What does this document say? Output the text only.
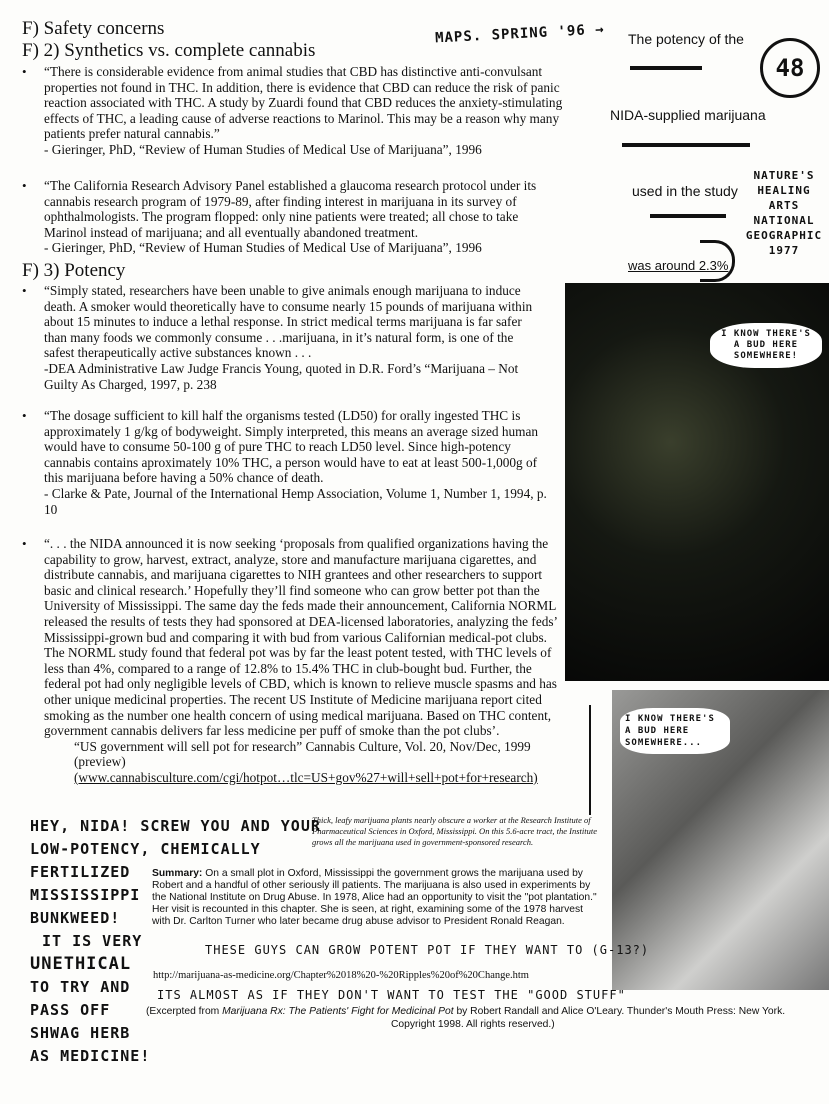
F) Safety concerns
F) 2) Synthetics vs. complete cannabis
MAPS. SPRING '96 →
• “There is considerable evidence from animal studies that CBD has distinctive anti-convulsant properties not found in THC. In addition, there is evidence that CBD can reduce the risk of panic reaction associated with THC. A study by Zuardi found that CBD reduces the anxiety-stimulating effects of THC, a leading cause of adverse reactions to Marinol. This may be a reason why many patients prefer natural cannabis.”
- Gieringer, PhD, “Review of Human Studies of Medical Use of Marijuana”, 1996
• “The California Research Advisory Panel established a glaucoma research protocol under its cannabis research program of 1979-89, after finding interest in marijuana in its survey of ophthalmologists. The program flopped: only nine patients were treated; all chose to take Marinol instead of marijuana; and all eventually abandoned treatment.
- Gieringer, PhD, “Review of Human Studies of Medical Use of Marijuana”, 1996
F) 3) Potency
• “Simply stated, researchers have been unable to give animals enough marijuana to induce death. A smoker would theoretically have to consume nearly 15 pounds of marijuana within about 15 minutes to induce a lethal response. In strict medical terms marijuana is far safer than many foods we commonly consume . . .marijuana, in it’s natural form, is one of the safest therapeutically active substances known . . .
-DEA Administrative Law Judge Francis Young, quoted in D.R. Ford’s “Marijuana – Not Guilty As Charged, 1997, p. 238
• “The dosage sufficient to kill half the organisms tested (LD50) for orally ingested THC is approximately 1 g/kg of bodyweight. Simply interpreted, this means an average sized human would have to consume 50-100 g of pure THC to reach LD50 level. Since high-potency cannabis contains aproximately 10% THC, a person would have to eat at least 500-1,000g of this marijuana before having a 50% chance of death.
- Clarke & Pate, Journal of the International Hemp Association, Volume 1, Number 1, 1994, p. 10
• “. . . the NIDA announced it is now seeking ‘proposals from qualified organizations having the capability to grow, harvest, extract, analyze, store and manufacture marijuana cigarettes, and distribute cannabis, and marijuana cigarettes to NIH grantees and other researchers to support basic and clinical research.’ Hopefully they’ll find someone who can grow better pot than the University of Mississippi. The same day the feds made their announcement, California NORML released the results of tests they had sponsored at DEA-licensed laboratories, analyzing the feds’ Mississippi-grown bud and comparing it with bud from various Californian medical-pot clubs. The NORML study found that federal pot was by far the least potent tested, with THC levels of less than 4%, compared to a range of 12.8% to 15.4% THC in club-bought bud. Further, the federal pot had only negligible levels of CBD, which is known to relieve muscle spasms and has other unique medicinal properties. The recent US Institute of Medicine marijuana report cited smoking as the number one health concern of using medical marijuana. Based on THC content, government cannabis delivers far less medicine per puff of smoke than the pot clubs’.
“US government will sell pot for research” Cannabis Culture, Vol. 20, Nov/Dec, 1999 (preview)
(www.cannabisculture.com/cgi/hotpot…tlc=US+gov%27+will+sell+pot+for+research)
The potency of the
NIDA-supplied marijuana
used in the study
was around 2.3%
48
NATURE'S HEALING ARTS NATIONAL GEOGRAPHIC 1977
I KNOW THERE'S A BUD HERE SOMEWHERE!
I KNOW THERE'S A BUD HERE SOMEWHERE...
Thick, leafy marijuana plants nearly obscure a worker at the Research Institute of Pharmaceutical Sciences in Oxford, Mississippi. On this 5.6-acre tract, the Institute grows all the marijuana used in government-sponsored research.
HEY, NIDA! SCREW YOU AND YOUR
LOW-POTENCY, CHEMICALLY
FERTILIZED
MISSISSIPPI
BUNKWEED!
IT IS VERY
UNETHICAL
TO TRY AND
PASS OFF
SHWAG HERB
AS MEDICINE!
Summary: On a small plot in Oxford, Mississippi the government grows the marijuana used by Robert and a handful of other seriously ill patients. The marijuana is also used in experiments by the National Institute on Drug Abuse. In 1978, Alice had an opportunity to visit the "pot plantation." Her visit is recounted in this chapter. She is seen, at right, examining some of the 1978 harvest with Dr. Carlton Turner who later became drug abuse advisor to President Ronald Reagan.
THESE GUYS CAN GROW POTENT POT IF THEY WANT TO (G-13?)
http://marijuana-as-medicine.org/Chapter%2018%20-%20Ripples%20of%20Change.htm
ITS ALMOST AS IF THEY DON'T WANT TO TEST THE "GOOD STUFF"
(Excerpted from Marijuana Rx: The Patients' Fight for Medicinal Pot by Robert Randall and Alice O'Leary. Thunder's Mouth Press: New York.
Copyright 1998. All rights reserved.)
